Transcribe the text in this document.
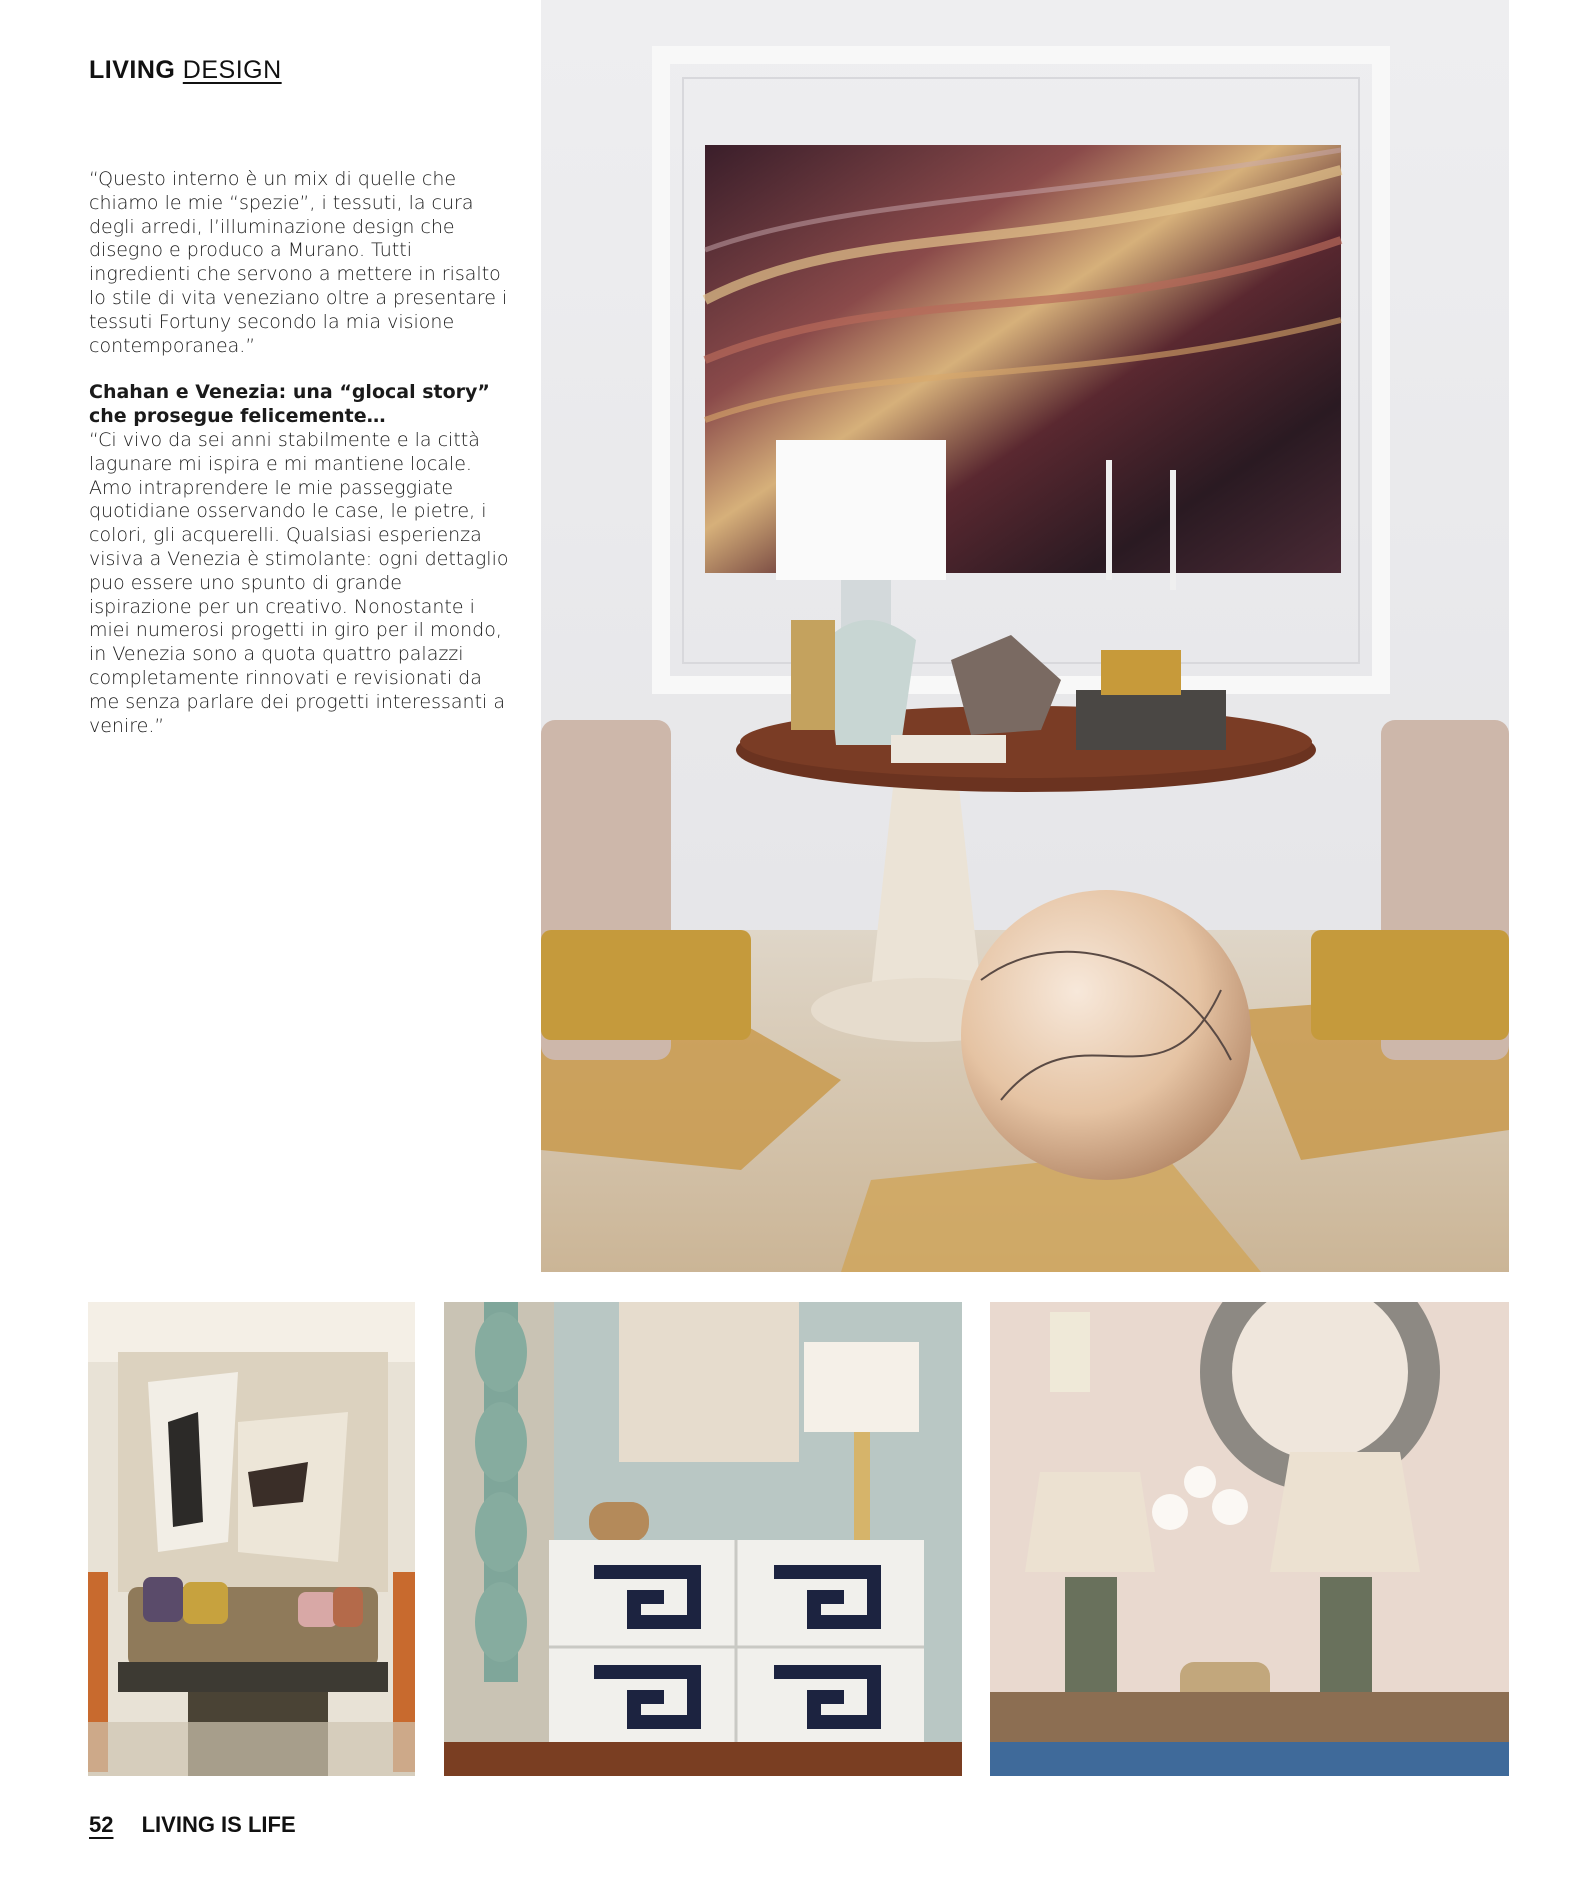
LIVING DESIGN

“Questo interno è un mix di quelle che chiamo le mie “spezie”, i tessuti, la cura degli arredi, l’illuminazione design che disegno e produco a Murano. Tutti ingredienti che servono a mettere in risalto lo stile di vita veneziano oltre a presentare i tessuti Fortuny secondo la mia visione contemporanea.”

Chahan e Venezia: una “glocal story” che prosegue felicemente…
“Ci vivo da sei anni stabilmente e la città lagunare mi ispira e mi mantiene locale. Amo intraprendere le mie passeggiate quotidiane osservando le case, le pietre, i colori, gli acquerelli. Qualsiasi esperienza visiva a Venezia è stimolante: ogni dettaglio puo essere uno spunto di grande ispirazione per un creativo. Nonostante i miei numerosi progetti in giro per il mondo, in Venezia sono a quota quattro palazzi completamente rinnovati e revisionati da me senza parlare dei progetti interessanti a venire.”

52 LIVING IS LIFE
